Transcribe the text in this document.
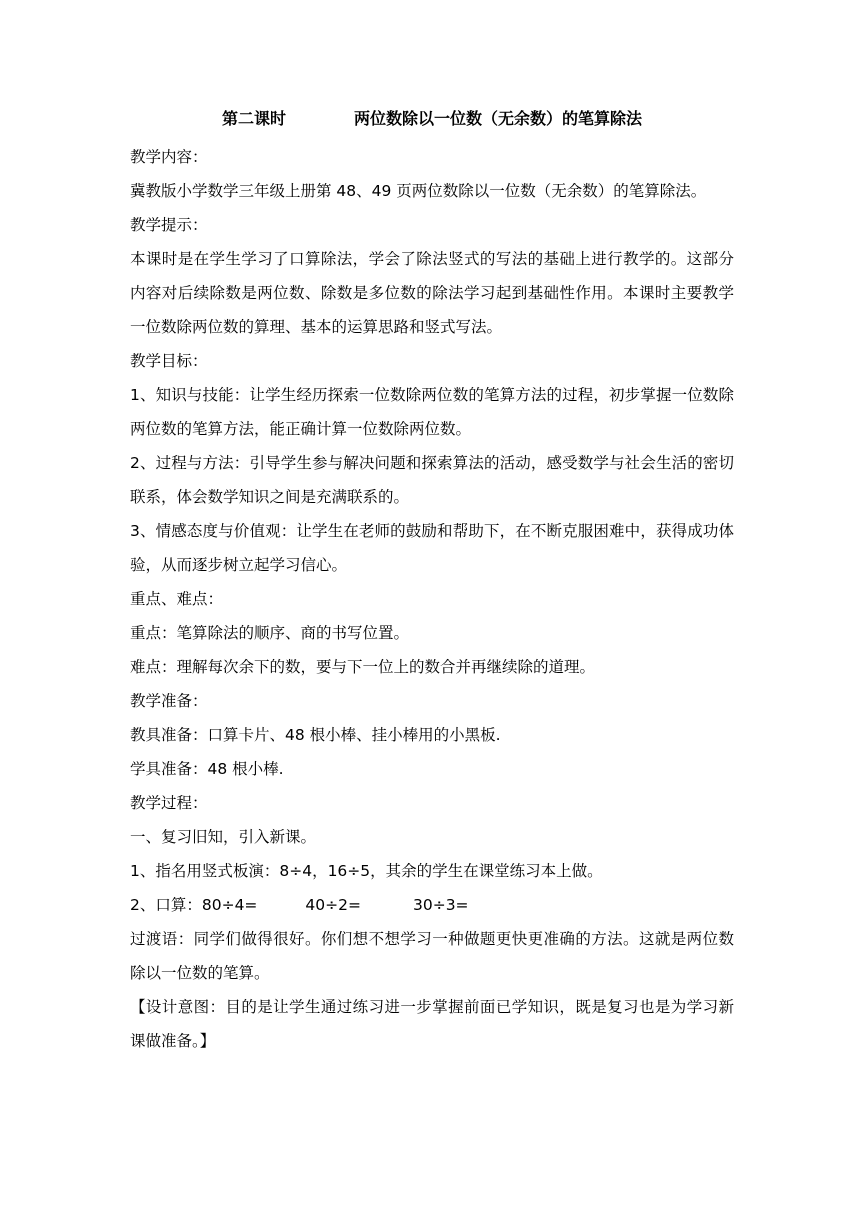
第二课时	两位数除以一位数（无余数）的笔算除法

教学内容：

冀教版小学数学三年级上册第 48、49 页两位数除以一位数（无余数）的笔算除法。

教学提示：

本课时是在学生学习了口算除法，学会了除法竖式的写法的基础上进行教学的。这部分内容对后续除数是两位数、除数是多位数的除法学习起到基础性作用。本课时主要教学一位数除两位数的算理、基本的运算思路和竖式写法。

教学目标：

1、知识与技能：让学生经历探索一位数除两位数的笔算方法的过程，初步掌握一位数除两位数的笔算方法，能正确计算一位数除两位数。

2、过程与方法：引导学生参与解决问题和探索算法的活动，感受数学与社会生活的密切联系，体会数学知识之间是充满联系的。

3、情感态度与价值观：让学生在老师的鼓励和帮助下，在不断克服困难中，获得成功体验，从而逐步树立起学习信心。

重点、难点：

重点：笔算除法的顺序、商的书写位置。

难点：理解每次余下的数，要与下一位上的数合并再继续除的道理。

教学准备：

教具准备：口算卡片、48 根小棒、挂小棒用的小黑板.

学具准备：48 根小棒.

教学过程：

一、复习旧知，引入新课。

1、指名用竖式板演：8÷4，16÷5，其余的学生在课堂练习本上做。

2、口算：80÷4=	40÷2=	30÷3=

过渡语：同学们做得很好。你们想不想学习一种做题更快更准确的方法。这就是两位数除以一位数的笔算。

【设计意图：目的是让学生通过练习进一步掌握前面已学知识，既是复习也是为学习新课做准备。】
